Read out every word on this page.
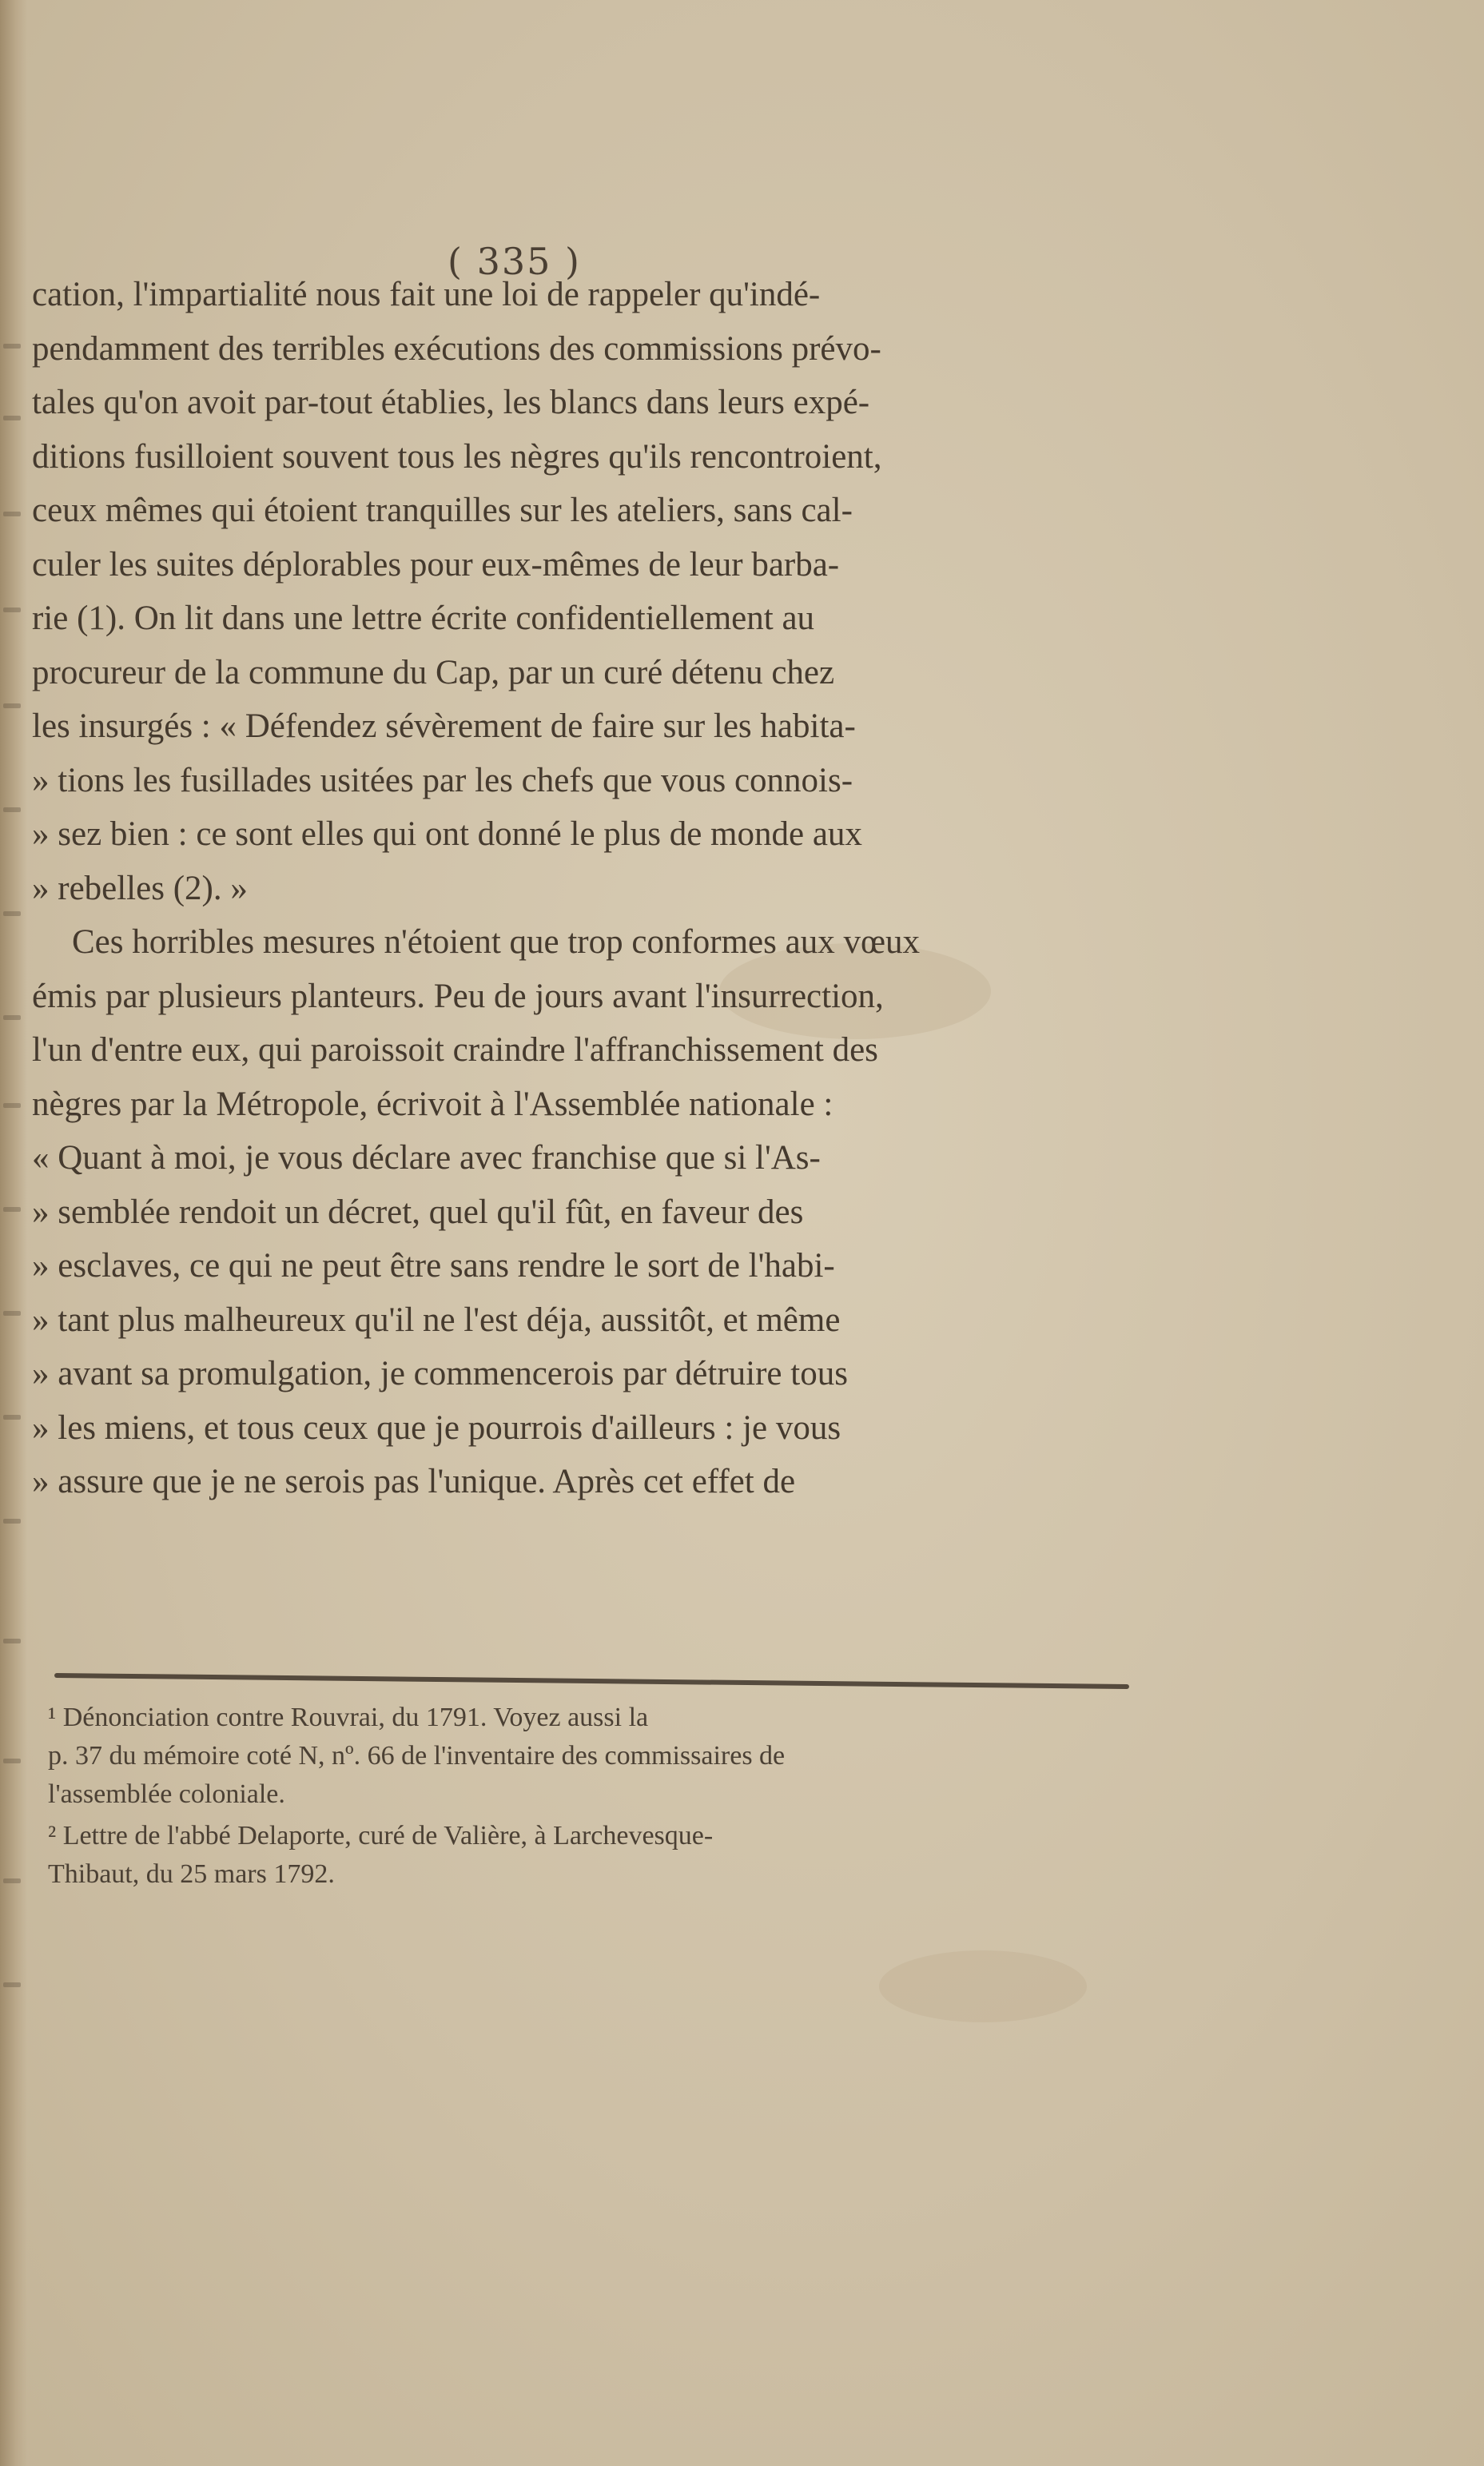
( 335 )

cation, l'impartialité nous fait une loi de rappeler qu'indé-
pendamment des terribles exécutions des commissions prévo-
tales qu'on avoit par-tout établies, les blancs dans leurs expé-
ditions fusilloient souvent tous les nègres qu'ils rencontroient,
ceux mêmes qui étoient tranquilles sur les ateliers, sans cal-
culer les suites déplorables pour eux-mêmes de leur barba-
rie (1). On lit dans une lettre écrite confidentiellement au
procureur de la commune du Cap, par un curé détenu chez
les insurgés : « Défendez sévèrement de faire sur les habita-
» tions les fusillades usitées par les chefs que vous connois-
» sez bien : ce sont elles qui ont donné le plus de monde aux
» rebelles (2). »

Ces horribles mesures n'étoient que trop conformes aux vœux
émis par plusieurs planteurs. Peu de jours avant l'insurrection,
l'un d'entre eux, qui paroissoit craindre l'affranchissement des
nègres par la Métropole, écrivoit à l'Assemblée nationale :
« Quant à moi, je vous déclare avec franchise que si l'As-
» semblée rendoit un décret, quel qu'il fût, en faveur des
» esclaves, ce qui ne peut être sans rendre le sort de l'habi-
» tant plus malheureux qu'il ne l'est déja, aussitôt, et même
» avant sa promulgation, je commencerois par détruire tous
» les miens, et tous ceux que je pourrois d'ailleurs : je vous
» assure que je ne serois pas l'unique. Après cet effet de

¹ Dénonciation contre Rouvrai, du 1791. Voyez aussi la
p. 37 du mémoire coté N, nº. 66 de l'inventaire des commissaires de
l'assemblée coloniale.

² Lettre de l'abbé Delaporte, curé de Valière, à Larchevesque-
Thibaut, du 25 mars 1792.
